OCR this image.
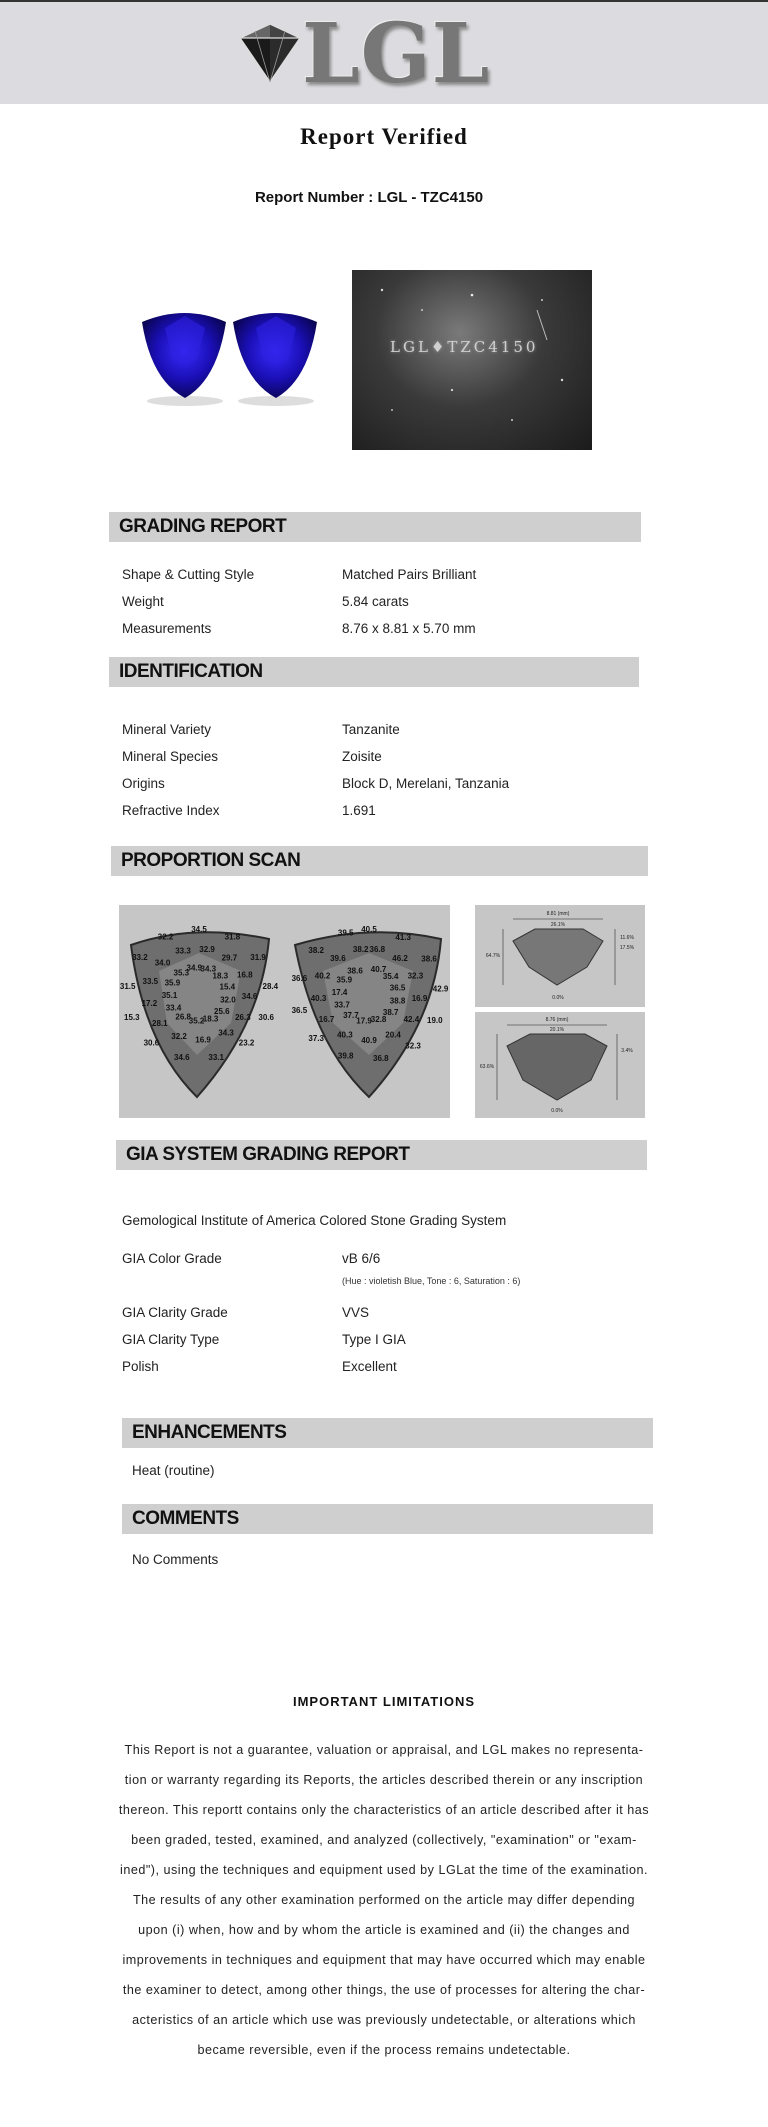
LGL
Report Verified
Report Number : LGL - TZC4150
LGL♦TZC4150
GRADING REPORT
Shape & Cutting Style	Matched Pairs Brilliant
Weight	5.84 carats
Measurements	8.76 x 8.81 x 5.70 mm
IDENTIFICATION
Mineral Variety	Tanzanite
Mineral Species	Zoisite
Origins	Block D, Merelani, Tanzania
Refractive Index	1.691
PROPORTION SCAN
34.5
32.9
34.3
31.8
29.7
18.3
31.9
16.8
15.4	28.4
34.6
32.0
30.6
26.3
25.6
23.2
34.3
18.3
33.1
16.9
35.2
34.6
32.2
26.8
30.6
28.1
33.4
15.3
17.2
35.1
31.5
33.5 35.9
33.2
34.0
35.3
32.2
33.3
34.9
40.5
36.8
40.7
41.3
46.2
35.4
38.6
32.3
36.5	42.9
16.9
38.8
19.0
42.4
38.7
32.3
20.4
32.8
36.8
40.9
17.9
39.8
40.3
37.7
37.3
16.7
33.7
36.5
40.3
17.4
36.6 40.2 35.9
38.2
39.6
38.6
39.5
38.2
8.81 (mm)
26.1%
64.7%
11.6%
17.5%
0.0%
8.76 (mm)
20.1%
63.6%
3.4%
0.0%
GIA SYSTEM GRADING REPORT
Gemological Institute of America Colored Stone Grading System
GIA Color Grade	vB 6/6
(Hue : violetish Blue, Tone : 6, Saturation : 6)
GIA Clarity Grade	VVS
GIA Clarity Type	Type I GIA
Polish	Excellent
ENHANCEMENTS
Heat (routine)
COMMENTS
No Comments
IMPORTANT LIMITATIONS
This Report is not a guarantee, valuation or appraisal, and LGL makes no representa-
tion or warranty regarding its Reports, the articles described therein or any inscription
thereon. This reportt contains only the characteristics of an article described after it has
been graded, tested, examined, and analyzed (collectively, "examination" or "exam-
ined"), using the techniques and equipment used by LGLat the time of the examination.
The results of any other examination performed on the article may differ depending
upon (i) when, how and by whom the article is examined and (ii) the changes and
improvements in techniques and equipment that may have occurred which may enable
the examiner to detect, among other things, the use of processes for altering the char-
acteristics of an article which use was previously undetectable, or alterations which
became reversible, even if the process remains undetectable.
